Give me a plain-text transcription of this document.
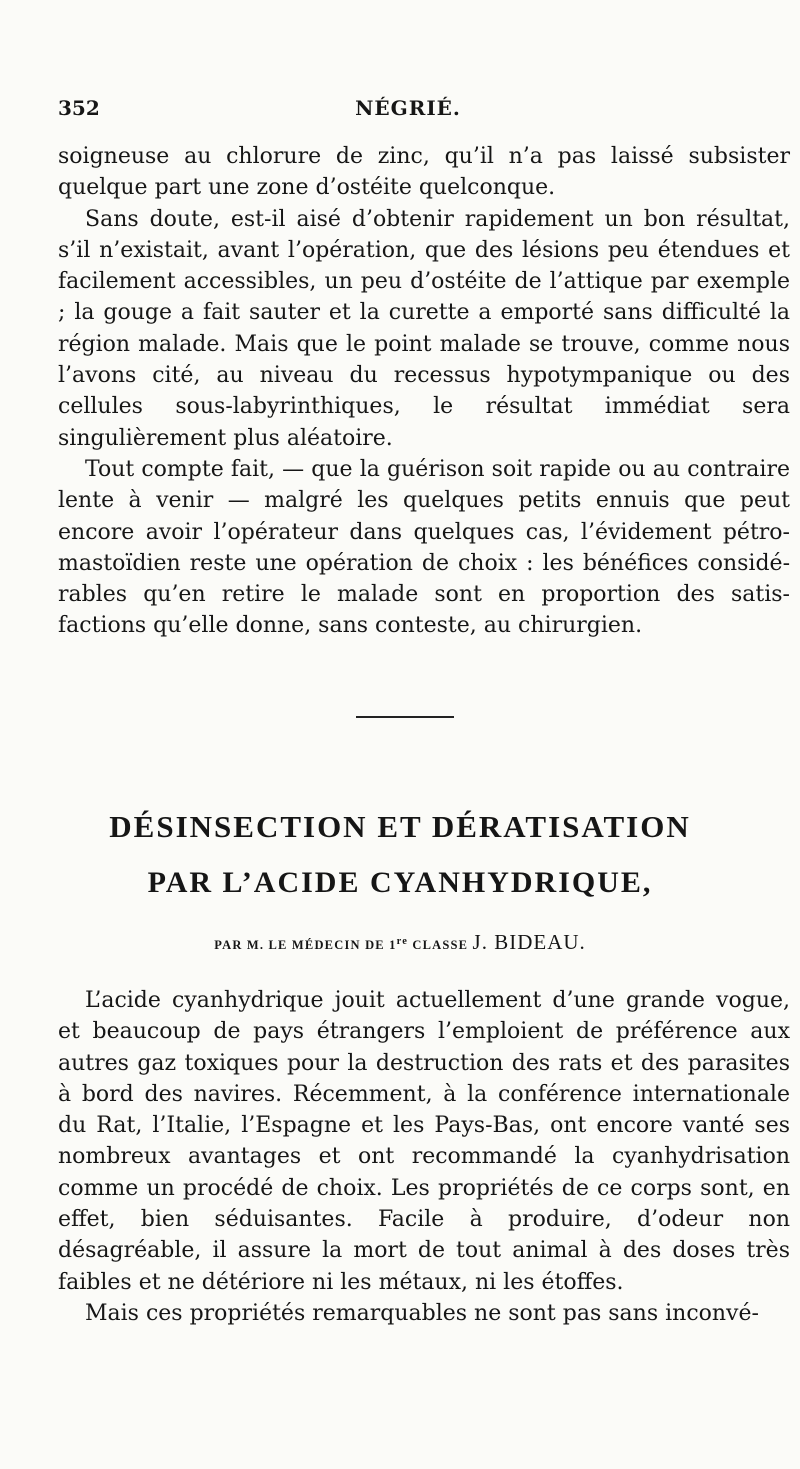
352	NÉGRIÉ.

soigneuse au chlorure de zinc, qu’il n’a pas laissé subsister quelque part une zone d’ostéite quelconque.

Sans doute, est-il aisé d’obtenir rapidement un bon résultat, s’il n’existait, avant l’opération, que des lésions peu étendues et facilement accessibles, un peu d’ostéite de l’attique par exemple ; la gouge a fait sauter et la curette a emporté sans difficulté la région malade. Mais que le point malade se trouve, comme nous l’avons cité, au niveau du recessus hypotympanique ou des cellules sous-labyrinthiques, le résultat immédiat sera singulièrement plus aléatoire.

Tout compte fait, — que la guérison soit rapide ou au contraire lente à venir — malgré les quelques petits ennuis que peut encore avoir l’opérateur dans quelques cas, l’évidement pétro-mastoïdien reste une opération de choix : les bénéfices considé-rables qu’en retire le malade sont en proportion des satis-factions qu’elle donne, sans conteste, au chirurgien.

DÉSINSECTION ET DÉRATISATION
PAR L’ACIDE CYANHYDRIQUE,
PAR M. LE MÉDECIN DE 1re CLASSE J. BIDEAU.

L’acide cyanhydrique jouit actuellement d’une grande vogue, et beaucoup de pays étrangers l’emploient de préférence aux autres gaz toxiques pour la destruction des rats et des parasites à bord des navires. Récemment, à la conférence internationale du Rat, l’Italie, l’Espagne et les Pays-Bas, ont encore vanté ses nombreux avantages et ont recommandé la cyanhydrisation comme un procédé de choix. Les propriétés de ce corps sont, en effet, bien séduisantes. Facile à produire, d’odeur non désagréable, il assure la mort de tout animal à des doses très faibles et ne détériore ni les métaux, ni les étoffes.

Mais ces propriétés remarquables ne sont pas sans inconvé-
